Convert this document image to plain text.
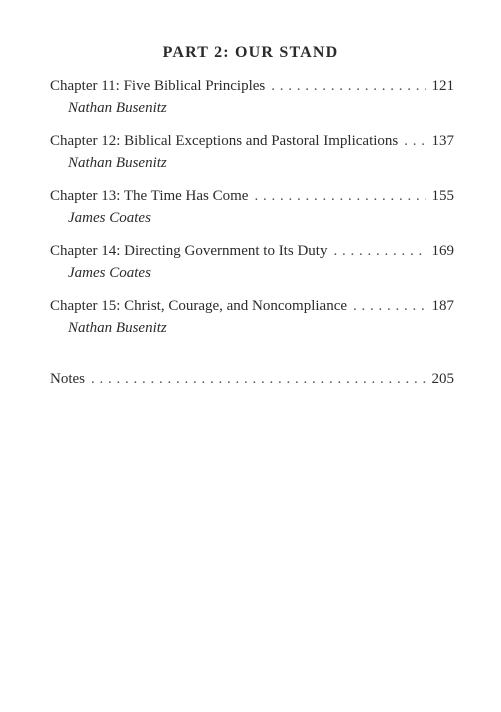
PART 2: OUR STAND
Chapter 11: Five Biblical Principles . . .	121
Nathan Busenitz
Chapter 12: Biblical Exceptions and Pastoral Implications . . . 137
Nathan Busenitz
Chapter 13: The Time Has Come . . .	155
James Coates
Chapter 14: Directing Government to Its Duty . . .	169
James Coates
Chapter 15: Christ, Courage, and Noncompliance . . .	187
Nathan Busenitz
Notes . . .	205
